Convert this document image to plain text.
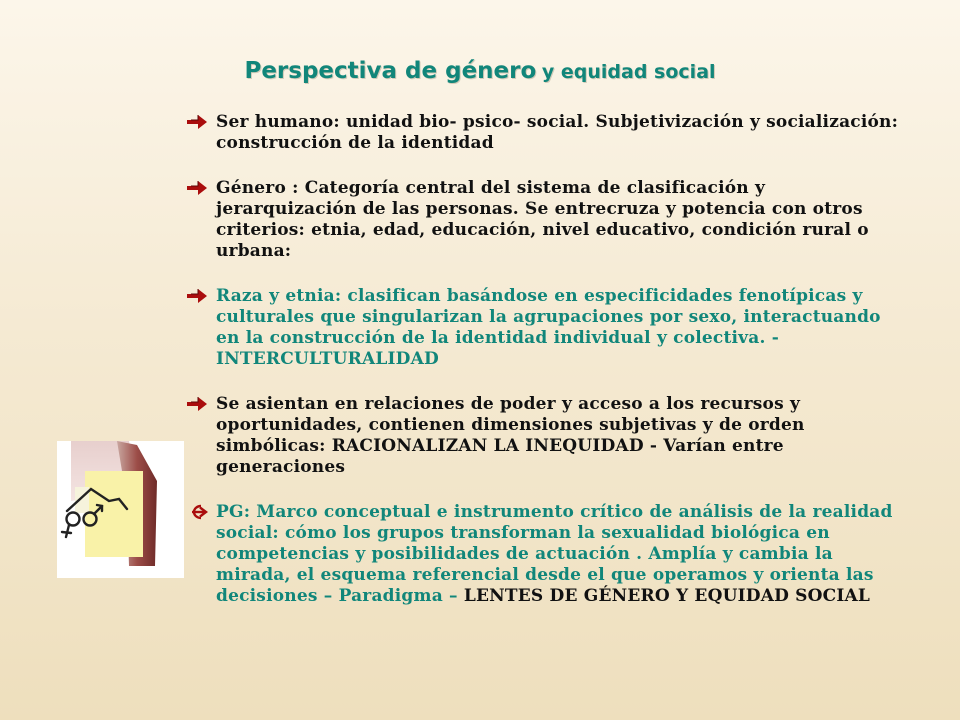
Perspectiva de género y equidad social
Ser humano: unidad bio- psico- social. Subjetivización y socialización: construcción de la identidad
Género : Categoría central del sistema de clasificación y jerarquización de las personas. Se entrecruza y potencia con otros criterios: etnia, edad, educación, nivel educativo, condición rural o urbana:
Raza y etnia: clasifican basándose en especificidades fenotípicas y culturales que singularizan la agrupaciones por sexo, interactuando en la construcción de la identidad individual y colectiva. - INTERCULTURALIDAD
Se asientan en relaciones de poder y acceso a los recursos y oportunidades, contienen dimensiones subjetivas y de orden simbólicas: RACIONALIZAN LA INEQUIDAD - Varían entre generaciones
PG: Marco conceptual e instrumento crítico de análisis de la realidad social: cómo los grupos transforman la sexualidad biológica en competencias y posibilidades de actuación . Amplía y cambia la mirada, el esquema referencial desde el que operamos y orienta las decisiones – Paradigma – LENTES DE GÉNERO Y EQUIDAD SOCIAL
